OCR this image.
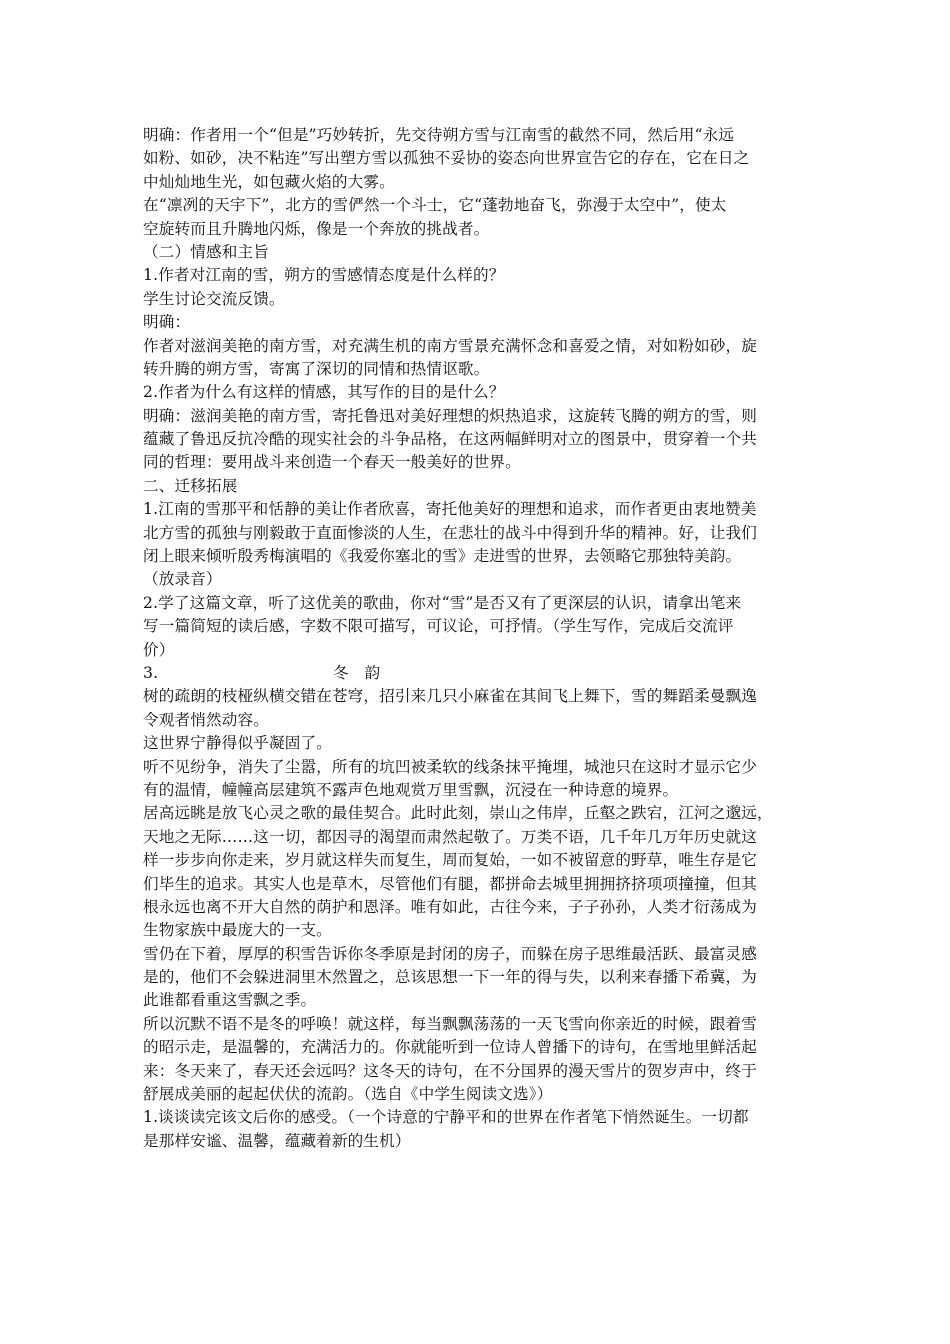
明确：作者用一个“但是”巧妙转折，先交待朔方雪与江南雪的截然不同，然后用“永远
如粉、如砂，决不粘连”写出塑方雪以孤独不妥协的姿态向世界宣告它的存在，它在日之
中灿灿地生光，如包藏火焰的大雾。
在“凛冽的天宇下”，北方的雪俨然一个斗士，它“蓬勃地奋飞，弥漫于太空中”，使太
空旋转而且升腾地闪烁，像是一个奔放的挑战者。
（二）情感和主旨
1.作者对江南的雪，朔方的雪感情态度是什么样的？
学生讨论交流反馈。
明确：
作者对滋润美艳的南方雪，对充满生机的南方雪景充满怀念和喜爱之情，对如粉如砂，旋
转升腾的朔方雪，寄寓了深切的同情和热情讴歌。
2.作者为什么有这样的情感，其写作的目的是什么？
明确：滋润美艳的南方雪，寄托鲁迅对美好理想的炽热追求，这旋转飞腾的朔方的雪，则
蕴藏了鲁迅反抗冷酷的现实社会的斗争品格，在这两幅鲜明对立的图景中，贯穿着一个共
同的哲理：要用战斗来创造一个春天一般美好的世界。
二、迁移拓展
1.江南的雪那平和恬静的美让作者欣喜，寄托他美好的理想和追求，而作者更由衷地赞美
北方雪的孤独与刚毅敢于直面惨淡的人生，在悲壮的战斗中得到升华的精神。好，让我们
闭上眼来倾听殷秀梅演唱的《我爱你塞北的雪》走进雪的世界，去领略它那独特美韵。
（放录音）
2.学了这篇文章，听了这优美的歌曲，你对“雪”是否又有了更深层的认识，请拿出笔来
写一篇简短的读后感，字数不限可描写，可议论，可抒情。（学生写作，完成后交流评
价）
3.	冬韵
树的疏朗的枝桠纵横交错在苍穹，招引来几只小麻雀在其间飞上舞下，雪的舞蹈柔曼飘逸
令观者悄然动容。
这世界宁静得似乎凝固了。
听不见纷争，消失了尘嚣，所有的坑凹被柔软的线条抹平掩埋，城池只在这时才显示它少
有的温情，幢幢高层建筑不露声色地观赏万里雪飘，沉浸在一种诗意的境界。
居高远眺是放飞心灵之歌的最佳契合。此时此刻，崇山之伟岸，丘壑之跌宕，江河之邈远，
天地之无际……这一切，都因寻的渴望而肃然起敬了。万类不语，几千年几万年历史就这
样一步步向你走来，岁月就这样失而复生，周而复始，一如不被留意的野草，唯生存是它
们毕生的追求。其实人也是草木，尽管他们有腿，都拼命去城里拥拥挤挤项项撞撞，但其
根永远也离不开大自然的荫护和恩泽。唯有如此，古往今来，子子孙孙，人类才衍荡成为
生物家族中最庞大的一支。
雪仍在下着，厚厚的积雪告诉你冬季原是封闭的房子，而躲在房子思维最活跃、最富灵感
是的，他们不会躲进洞里木然置之，总该思想一下一年的得与失，以利来春播下希冀，为
此谁都看重这雪飘之季。
所以沉默不语不是冬的呼唤！就这样，每当飘飘荡荡的一天飞雪向你亲近的时候，跟着雪
的昭示走，是温馨的，充满活力的。你就能听到一位诗人曾播下的诗句，在雪地里鲜活起
来：冬天来了，春天还会远吗？这冬天的诗句，在不分国界的漫天雪片的贺岁声中，终于
舒展成美丽的起起伏伏的流韵。（选自《中学生阅读文选》）
1.谈谈读完该文后你的感受。（一个诗意的宁静平和的世界在作者笔下悄然诞生。一切都
是那样安谧、温馨，蕴藏着新的生机）
